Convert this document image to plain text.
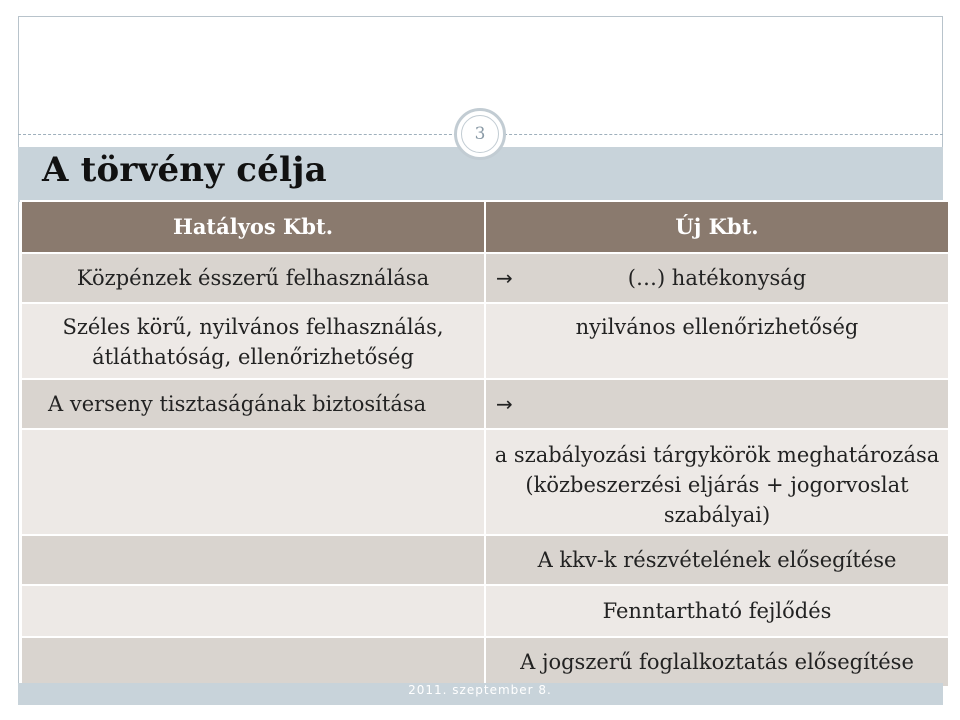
A törvény célja
3
Hatályos Kbt.	Új Kbt.
Közpénzek ésszerű felhasználása	→ (…) hatékonyság
Széles körű, nyilvános felhasználás, átláthatóság, ellenőrizhetőség	nyilvános ellenőrizhetőség
A verseny tisztaságának biztosítása	→

	a szabályozási tárgykörök meghatározása (közbeszerzési eljárás + jogorvoslat szabályai)
	A kkv-k részvételének elősegítése
	Fenntartható fejlődés
	A jogszerű foglalkoztatás elősegítése
2011. szeptember 8.
